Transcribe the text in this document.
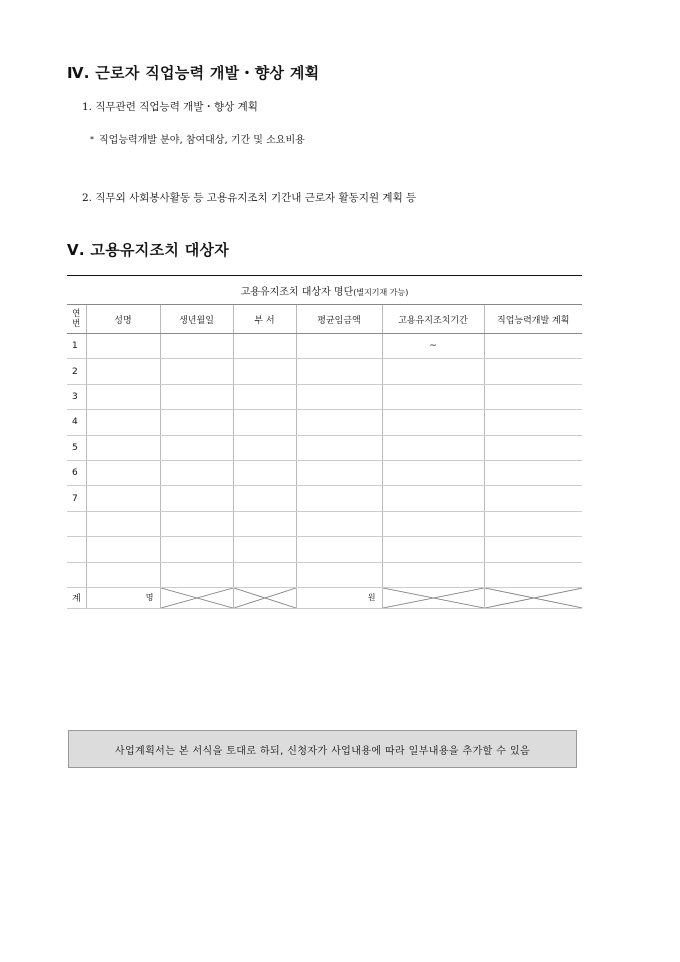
Ⅳ. 근로자 직업능력 개발・향상 계획

1. 직무관련 직업능력 개발・향상 계획

* 직업능력개발 분야, 참여대상, 기간 및 소요비용

2. 직무외 사회봉사활동 등 고용유지조치 기간내 근로자 활동지원 계획 등

Ⅴ. 고용유지조치 대상자
고용유지조치 대상자 명단(별지기재 가능)						

연
번	성명	생년월일	부 서	평균임금액	고용유지조치기간	직업능력개발 계획
1					~	
2						
3						
4						
5						
6						
7						

계	명			원	

사업계획서는 본 서식을 토대로 하되, 신청자가 사업내용에 따라 일부내용을 추가할 수 있음
